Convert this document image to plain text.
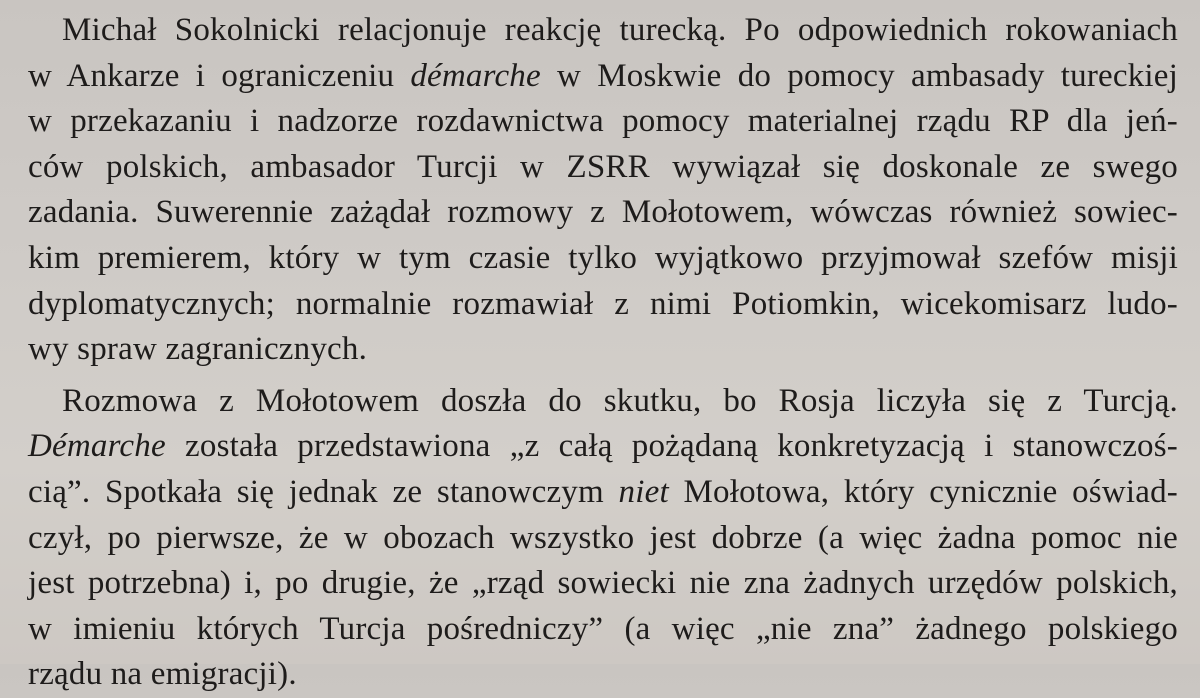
Michał Sokolnicki relacjonuje reakcję turecką. Po odpowiednich rokowaniach
w Ankarze i ograniczeniu démarche w Moskwie do pomocy ambasady tureckiej
w przekazaniu i nadzorze rozdawnictwa pomocy materialnej rządu RP dla jeń-
ców polskich, ambasador Turcji w ZSRR wywiązał się doskonale ze swego
zadania. Suwerennie zażądał rozmowy z Mołotowem, wówczas również sowiec-
kim premierem, który w tym czasie tylko wyjątkowo przyjmował szefów misji
dyplomatycznych; normalnie rozmawiał z nimi Potiomkin, wicekomisarz ludo-
wy spraw zagranicznych.
Rozmowa z Mołotowem doszła do skutku, bo Rosja liczyła się z Turcją.
Démarche została przedstawiona „z całą pożądaną konkretyzacją i stanowczoś-
cią”. Spotkała się jednak ze stanowczym niet Mołotowa, który cynicznie oświad-
czył, po pierwsze, że w obozach wszystko jest dobrze (a więc żadna pomoc nie
jest potrzebna) i, po drugie, że „rząd sowiecki nie zna żadnych urzędów polskich,
w imieniu których Turcja pośredniczy” (a więc „nie zna” żadnego polskiego
rządu na emigracji).
